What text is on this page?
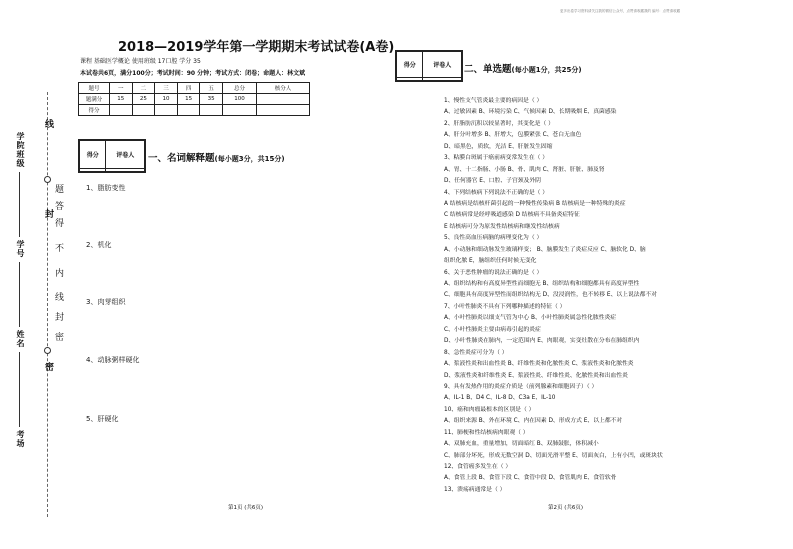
更多出卷学习资料请关注我的微信公众号，点赞请收藏我的 编号：点赞请收藏
学院班级
学号
姓名
考场
线
题
答
得
封
不
内
线
封
密
密
2018—2019学年第一学期期末考试试卷(A卷)
课程 基础医学概论 使用班级 17口腔 学分 35
本试卷共6页，满分100分；考试时间：90 分钟；考试方式：闭卷；命题人：林文斌
题号	一	二	三	四	五	总分	核分人
题满分	15	25	10	15	35	100	
得分							
得分	评卷人
	一、名词解释题(每小题3分，共15分)
1、脂肪变性
2、机化
3、肉芽组织
4、动脉粥样硬化
5、肝硬化
第1页 (共6页)
得分	评卷人
	二、单选题(每小题1分，共25分)
1、慢性支气管炎最主要的病因是（ ）
A、过敏因素 B、环境污染 C、气候因素 D、长期吸烟 E、真菌感染
2、肝脂肪沉积以较显著时，其变化是（ ）
A、肝分叶增多 B、肝增大，包膜紧张 C、苍白无血色
D、暗黑色，质软，光洁 E、肝脏发生固缩
3、粘膜白斑属于癌前病变常发生在（ ）
A、胃、十二指肠、小肠 B、骨、肌肉 C、肾脏、肝脏、肺及肾
D、任何器官 E、口腔、子宫颈及外阴
4、下列结核病下列说法不正确的是（ ）
A 结核病是结核杆菌引起的一种慢性传染病 B 结核病是一种特殊的炎症
C 结核病常是经呼吸道感染 D 结核病不具备炎症特征
E 结核病可分为原发性结核病和继发性结核病
5、良性高血压病脑的病理变化为（ ）
A、小动脉和细动脉发生玻璃样变； B、脑膜发生了炎症反应 C、脑软化 D、脑
组织化脓 E，脑组织任何时候无变化
6、关于恶性肿瘤的说法正确的是（ ）
A、组织结构和有高度异型性而细胞无 B、组织结构和细胞都具有高度异型性
C、细胞具有高度异型性而组织结构无 D、没浸润性，也不转移 E、以上说法都不对
7、小叶性肺炎不具有下列哪种描述的特征（ ）
A、小叶性肺炎以细支气管为中心 B、小叶性肺炎属急性化脓性炎症
C、小叶性肺炎主要由病毒引起的炎症
D、小叶性肺炎在肺内，一定范围内 E、肉眼观，实变灶散在分布在肺组织内
8、急性炎症可分为（ ）
A、浆液性炎和出血性炎 B、纤维性炎和化脓性炎 C、浆液性炎和化脓性炎
D、浆液性炎和纤维性炎 E、浆液性炎、纤维性炎、化脓性炎和出血性炎
9、具有发热作用的炎症介质是（前列腺素和细胞因子）（ ）
A、IL-1 B、D4 C、IL-8 D、C3a E、IL-10
10、癌和肉瘤最根本的区别是（ ）
A、组织来源 B、外在环境 C、内在因素 D、形成方式 E、以上都不对
11、肺梗和性结核病肉眼观（ ）
A、双肺充血，重量增加，切面暗红 B、双肺鼓胀，体积减小
C、肺部分坏死，形成无数空洞 D、切面光滑平整 E、切面灰白，上有小凹，或斑块状
12、食管癌多发生在（ ）
A、食管上段 B、食管下段 C、食管中段 D、食管肌肉 E、食管软骨
13、溃疡病通常是（ ）
第2页 (共6页)
